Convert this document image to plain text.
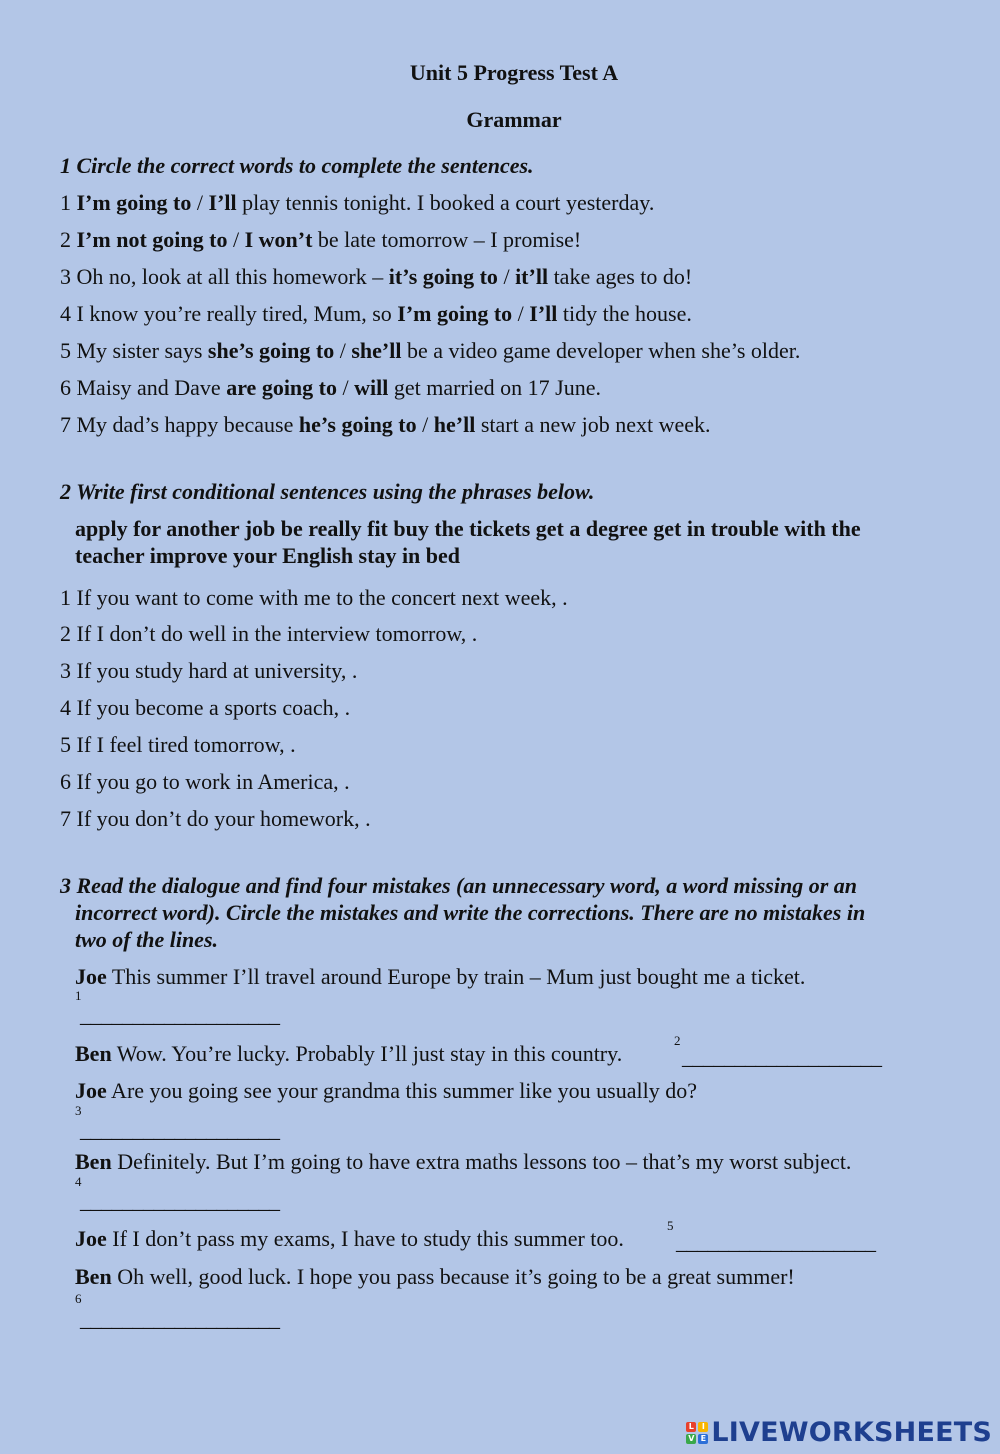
Unit 5 Progress Test A
Grammar
1 Circle the correct words to complete the sentences.
1 I’m going to / I’ll play tennis tonight. I booked a court yesterday.
2 I’m not going to / I won’t be late tomorrow – I promise!
3 Oh no, look at all this homework – it’s going to / it’ll take ages to do!
4 I know you’re really tired, Mum, so I’m going to / I’ll tidy the house.
5 My sister says she’s going to / she’ll be a video game developer when she’s older.
6 Maisy and Dave are going to / will get married on 17 June.
7 My dad’s happy because he’s going to / he’ll start a new job next week.
2 Write first conditional sentences using the phrases below.
apply for another job be really fit buy the tickets get a degree get in trouble with the teacher improve your English stay in bed
1 If you want to come with me to the concert next week, .
2 If I don’t do well in the interview tomorrow, .
3 If you study hard at university, .
4 If you become a sports coach, .
5 If I feel tired tomorrow, .
6 If you go to work in America, .
7 If you don’t do your homework, .
3 Read the dialogue and find four mistakes (an unnecessary word, a word missing or an
incorrect word). Circle the mistakes and write the corrections. There are no mistakes in
two of the lines.
Joe This summer I’ll travel around Europe by train – Mum just bought me a ticket.
1
___________________
Ben Wow. You’re lucky. Probably I’ll just stay in this country.
2
___________________
Joe Are you going see your grandma this summer like you usually do?
3
___________________
Ben Definitely. But I’m going to have extra maths lessons too – that’s my worst subject.
4
___________________
Joe If I don’t pass my exams, I have to study this summer too.
5
___________________
Ben Oh well, good luck. I hope you pass because it’s going to be a great summer!
6
___________________
L I
V E LIVEWORKSHEETS
